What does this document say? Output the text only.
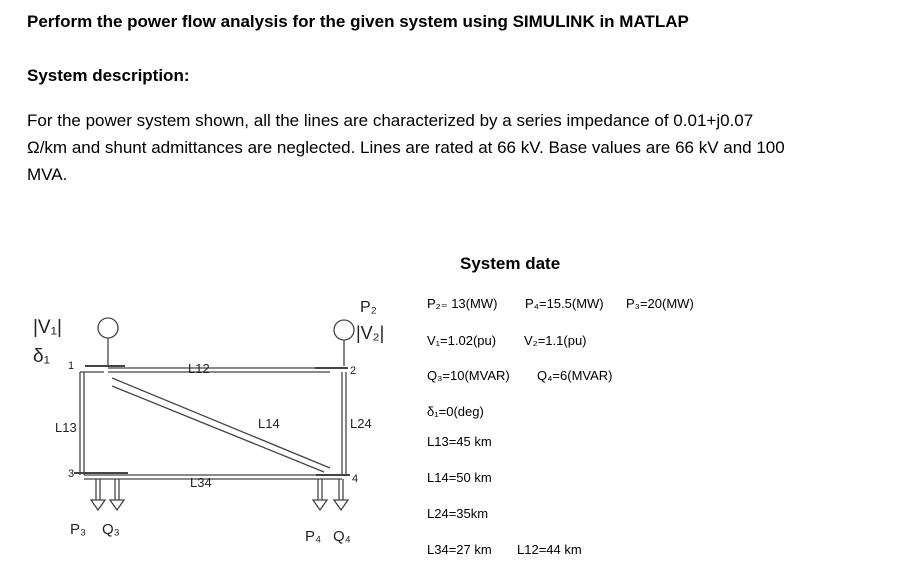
Perform the power flow analysis for the given system using SIMULINK in MATLAP
System description:
For the power system shown, all the lines are characterized by a series impedance of 0.01+j0.07
Ω/km and shunt admittances are neglected. Lines are rated at 66 kV. Base values are 66 kV and 100
MVA.
|V₁|
δ₁
P₂
|V₂|
1	2
3	4
L12
L13	L14	L24
L34
P₃ Q₃	P₄ Q₄
System date
P₂₌ 13(MW) P₄=15.5(MW) P₃=20(MW)
V₁=1.02(pu) V₂=1.1(pu)
Q₃=10(MVAR) Q₄=6(MVAR)
δ₁=0(deg)
L13=45 km
L14=50 km
L24=35km
L34=27 km L12=44 km
